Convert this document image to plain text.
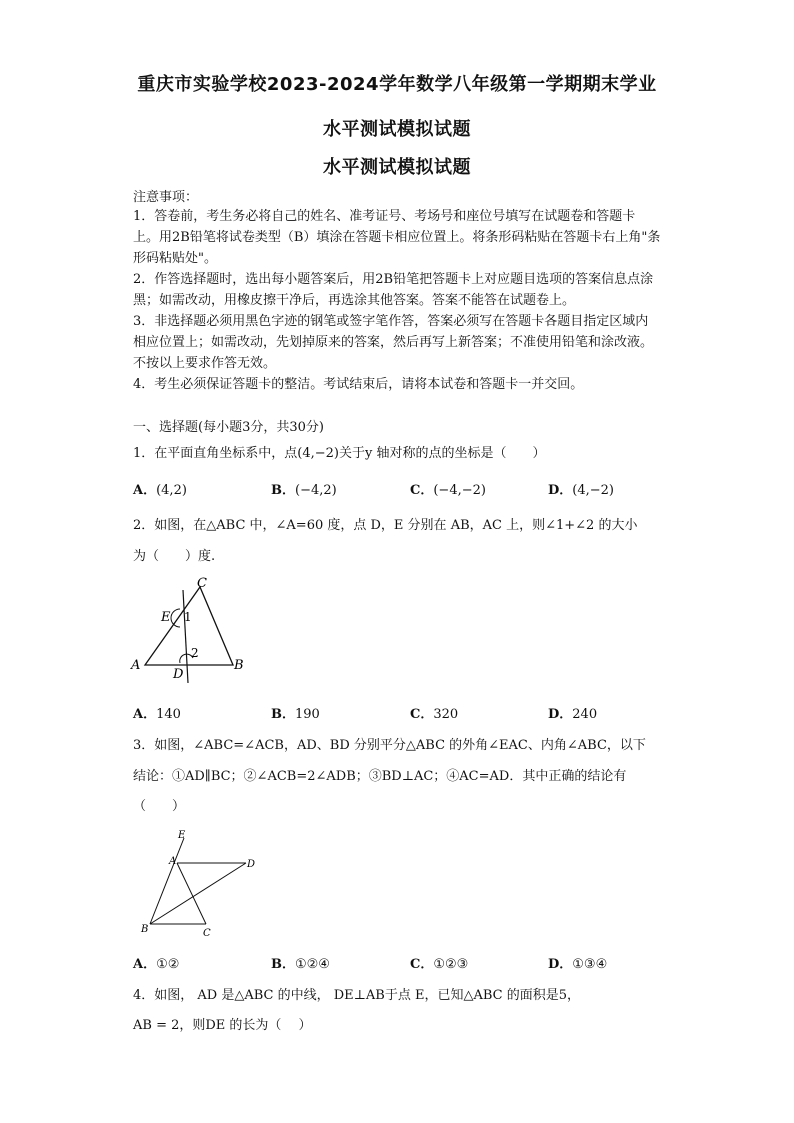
重庆市实验学校2023-2024学年数学八年级第一学期期末学业
水平测试模拟试题
水平测试模拟试题
注意事项：
1．答卷前，考生务必将自己的姓名、准考证号、考场号和座位号填写在试题卷和答题卡上。用2B铅笔将试卷类型（B）填涂在答题卡相应位置上。将条形码粘贴在答题卡右上角"条形码粘贴处"。
2．作答选择题时，选出每小题答案后，用2B铅笔把答题卡上对应题目选项的答案信息点涂黑；如需改动，用橡皮擦干净后，再选涂其他答案。答案不能答在试题卷上。
3．非选择题必须用黑色字迹的钢笔或签字笔作答，答案必须写在答题卡各题目指定区域内相应位置上；如需改动，先划掉原来的答案，然后再写上新答案；不准使用铅笔和涂改液。不按以上要求作答无效。
4．考生必须保证答题卡的整洁。考试结束后，请将本试卷和答题卡一并交回。
一、选择题(每小题3分，共30分)
1．在平面直角坐标系中，点(4,−2)关于y 轴对称的点的坐标是（　　）
A．(4,2)	B．(−4,2)	C．(−4,−2)	D．(4,−2)
2．如图，在△ABC 中，∠A=60 度，点 D，E 分别在 AB，AC 上，则∠1+∠2 的大小
为（　　）度.
A	B
C
D
E 1
2
A．140	B．190	C．320	D．240
3．如图，∠ABC=∠ACB，AD、BD 分别平分△ABC 的外角∠EAC、内角∠ABC，以下
结论：①AD∥BC；②∠ACB=2∠ADB；③BD⊥AC；④AC=AD．其中正确的结论有
（　　）
E
A	D
B	C
A．①②	B．①②④	C．①②③	D．①③④
4．如图， AD 是△ABC 的中线， DE⊥AB于点 E，已知△ABC 的面积是5，
AB = 2，则DE 的长为（　 ）
